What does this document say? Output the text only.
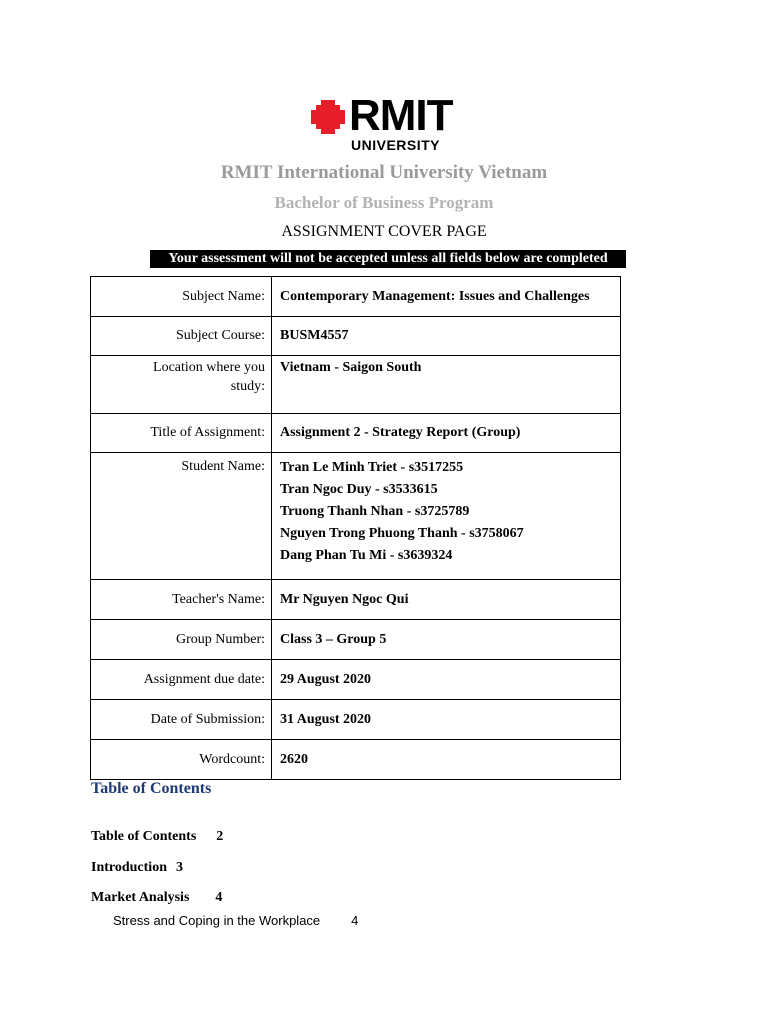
RMIT
UNIVERSITY
RMIT International University Vietnam
Bachelor of Business Program
ASSIGNMENT COVER PAGE
Your assessment will not be accepted unless all fields below are completed
Subject Name:	Contemporary Management: Issues and Challenges
Subject Course:	BUSM4557

Location where you
study:	Vietnam - Saigon South
Title of Assignment:	Assignment 2 - Strategy Report (Group)
Student Name:	Tran Le Minh Triet - s3517255
Tran Ngoc Duy - s3533615
Truong Thanh Nhan - s3725789
Nguyen Trong Phuong Thanh - s3758067
Dang Phan Tu Mi - s3639324

Teacher's Name:	Mr Nguyen Ngoc Qui
Group Number:	Class 3 – Group 5
Assignment due date:	29 August 2020
Date of Submission:	31 August 2020
Wordcount:	2620
Table of Contents
Table of Contents 2
Introduction 3
Market Analysis 4
Stress and Coping in the Workplace 4
